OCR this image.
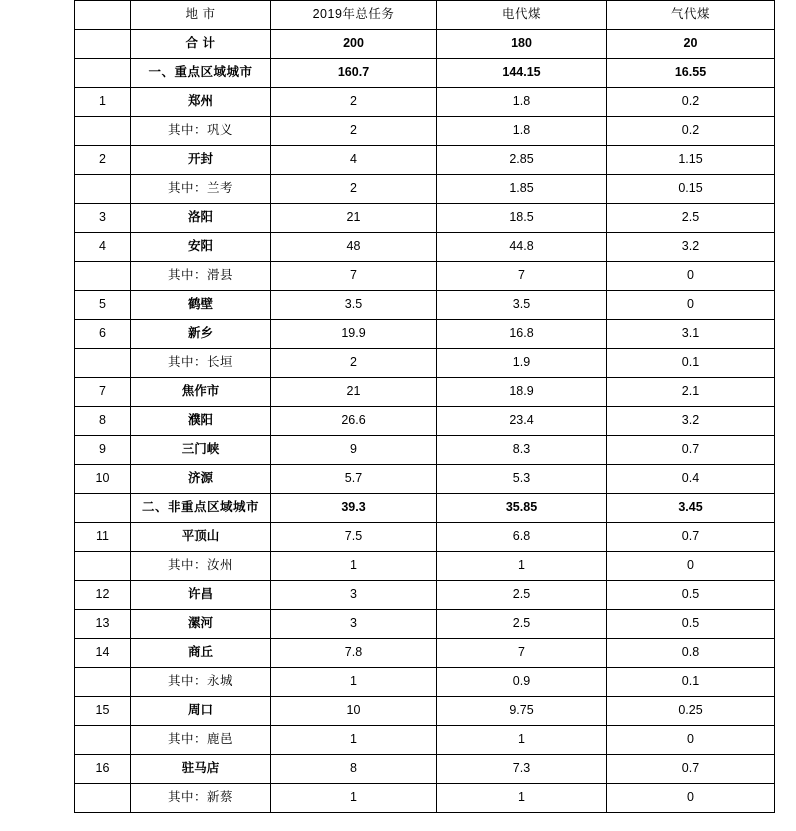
	地 市	2019年总任务	电代煤	气代煤
	合 计	200	180	20
	一、重点区域城市	160.7	144.15	16.55
1	郑州	2	1.8	0.2
	其中：巩义	2	1.8	0.2
2	开封	4	2.85	1.15
	其中：兰考	2	1.85	0.15
3	洛阳	21	18.5	2.5
4	安阳	48	44.8	3.2
	其中：滑县	7	7	0
5	鹤壁	3.5	3.5	0
6	新乡	19.9	16.8	3.1
	其中：长垣	2	1.9	0.1
7	焦作市	21	18.9	2.1
8	濮阳	26.6	23.4	3.2
9	三门峡	9	8.3	0.7
10	济源	5.7	5.3	0.4
	二、非重点区域城市	39.3	35.85	3.45
11	平顶山	7.5	6.8	0.7
	其中：汝州	1	1	0
12	许昌	3	2.5	0.5
13	漯河	3	2.5	0.5
14	商丘	7.8	7	0.8
	其中：永城	1	0.9	0.1
15	周口	10	9.75	0.25
	其中：鹿邑	1	1	0
16	驻马店	8	7.3	0.7
	其中：新蔡	1	1	0
